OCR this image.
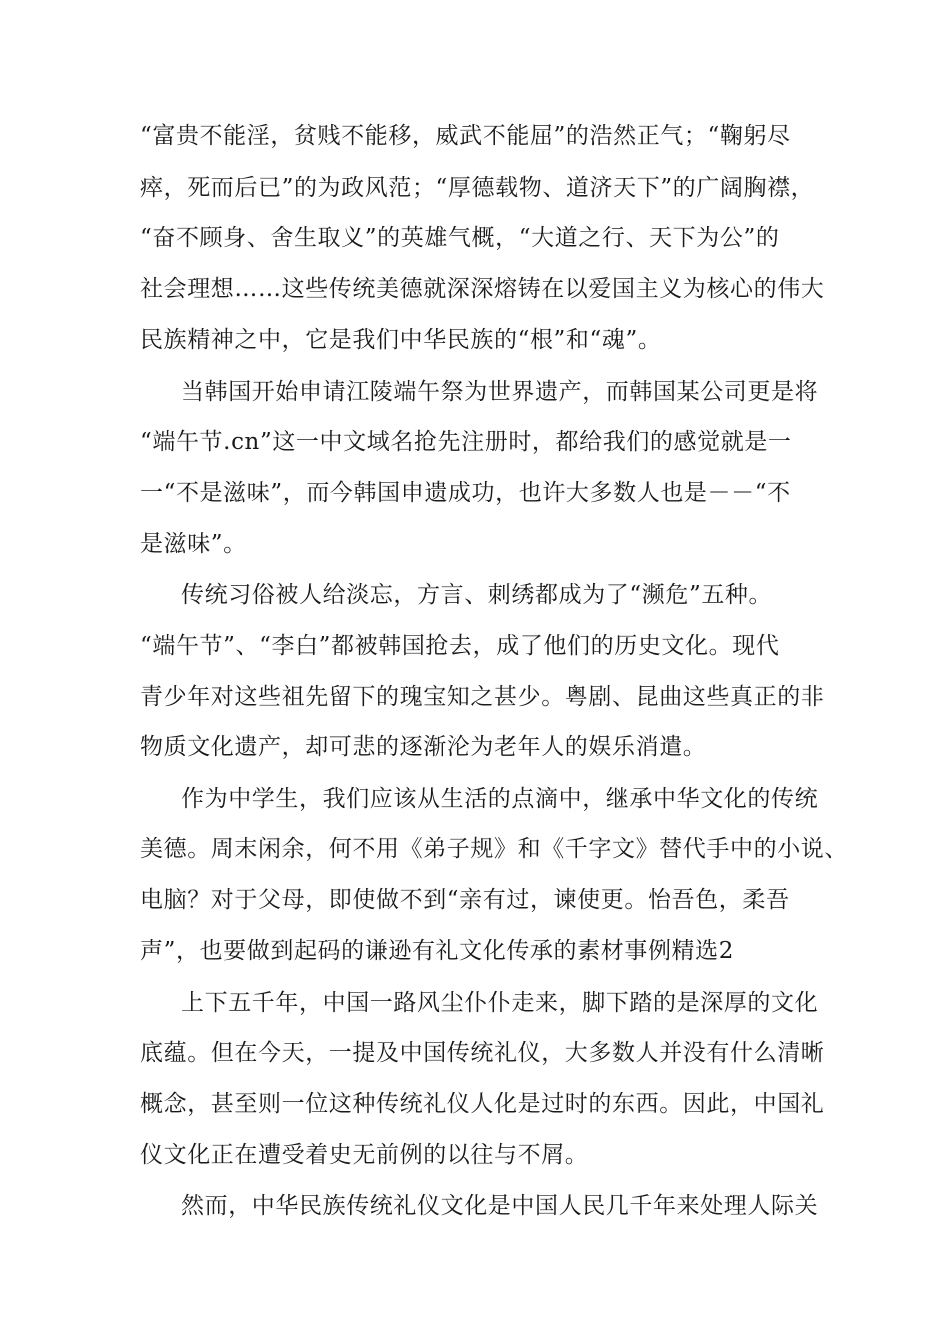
“富贵不能淫，贫贱不能移，威武不能屈”的浩然正气；“鞠躬尽
瘁，死而后已”的为政风范；“厚德载物、道济天下”的广阔胸襟，
“奋不顾身、舍生取义”的英雄气概，“大道之行、天下为公”的
社会理想……这些传统美德就深深熔铸在以爱国主义为核心的伟大
民族精神之中，它是我们中华民族的“根”和“魂”。
当韩国开始申请江陵端午祭为世界遗产，而韩国某公司更是将
“端午节.cn”这一中文域名抢先注册时，都给我们的感觉就是一
一“不是滋味”，而今韩国申遗成功，也许大多数人也是－－“不
是滋味”。
传统习俗被人给淡忘，方言、刺绣都成为了“濒危”五种。
“端午节”、“李白”都被韩国抢去，成了他们的历史文化。现代
青少年对这些祖先留下的瑰宝知之甚少。粤剧、昆曲这些真正的非
物质文化遗产，却可悲的逐渐沦为老年人的娱乐消遣。
作为中学生，我们应该从生活的点滴中，继承中华文化的传统
美德。周末闲余，何不用《弟子规》和《千字文》替代手中的小说、
电脑？对于父母，即使做不到“亲有过，谏使更。怡吾色，柔吾
声”，也要做到起码的谦逊有礼文化传承的素材事例精选2
上下五千年，中国一路风尘仆仆走来，脚下踏的是深厚的文化
底蕴。但在今天，一提及中国传统礼仪，大多数人并没有什么清晰
概念，甚至则一位这种传统礼仪人化是过时的东西。因此，中国礼
仪文化正在遭受着史无前例的以往与不屑。
然而，中华民族传统礼仪文化是中国人民几千年来处理人际关
